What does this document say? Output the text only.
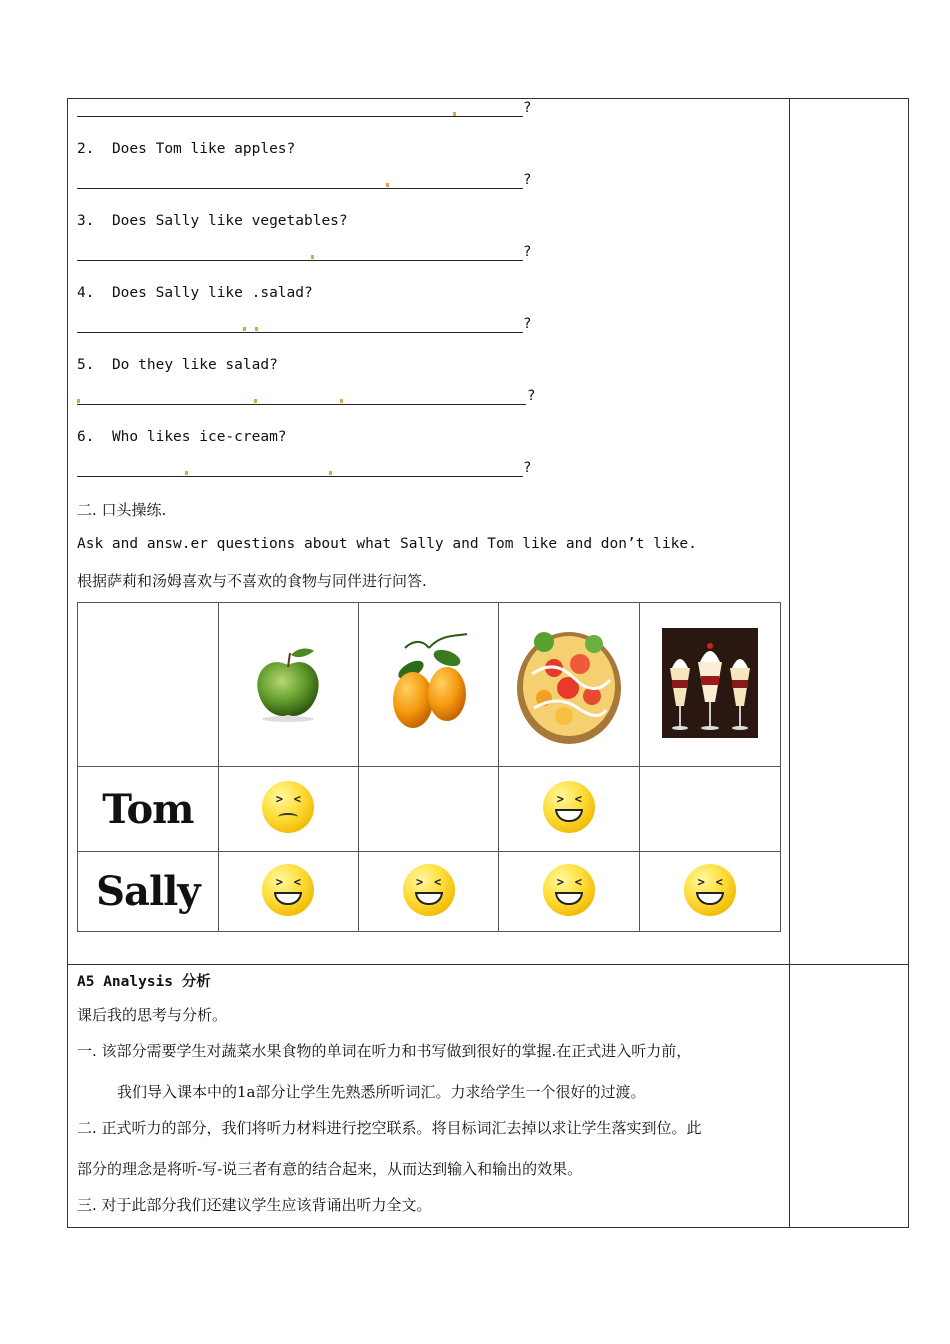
?
2. Does Tom like apples?
?
3. Does Sally like vegetables?
?
4. Does Sally like .salad?
?
5. Do they like salad?
?
6. Who likes ice-cream?
?
二. 口头操练.
Ask and answ.er questions about what Sally and Tom like and don’t like.
根据萨莉和汤姆喜欢与不喜欢的食物与同伴进行问答.

Tom	> <		> <	

Sally	> <	> <	> <	> <
A5 Analysis 分析
课后我的思考与分析。
一. 该部分需要学生对蔬菜水果食物的单词在听力和书写做到很好的掌握.在正式进入听力前，
我们导入课本中的1a部分让学生先熟悉所听词汇。力求给学生一个很好的过渡。
二. 正式听力的部分，我们将听力材料进行挖空联系。将目标词汇去掉以求让学生落实到位。此
部分的理念是将听-写-说三者有意的结合起来，从而达到输入和输出的效果。
三. 对于此部分我们还建议学生应该背诵出听力全文。
